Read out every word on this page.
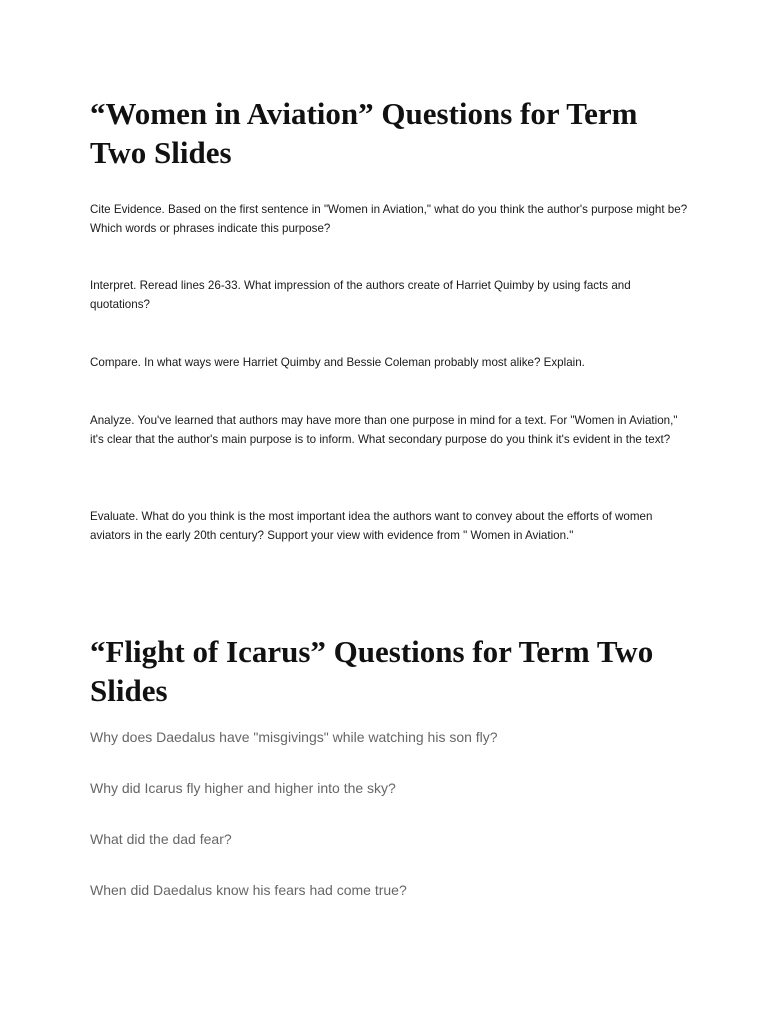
“Women in Aviation” Questions for Term Two Slides

Cite Evidence. Based on the first sentence in "Women in Aviation," what do you think the author's purpose might be? Which words or phrases indicate this purpose?

Interpret. Reread lines 26-33. What impression of the authors create of Harriet Quimby by using facts and quotations?

Compare. In what ways were Harriet Quimby and Bessie Coleman probably most alike? Explain.

Analyze. You've learned that authors may have more than one purpose in mind for a text. For "Women in Aviation," it's clear that the author's main purpose is to inform. What secondary purpose do you think it's evident in the text?

Evaluate. What do you think is the most important idea the authors want to convey about the efforts of women aviators in the early 20th century? Support your view with evidence from " Women in Aviation."

“Flight of Icarus” Questions for Term Two Slides

Why does Daedalus have "misgivings" while watching his son fly?

Why did Icarus fly higher and higher into the sky?

What did the dad fear?

When did Daedalus know his fears had come true?
